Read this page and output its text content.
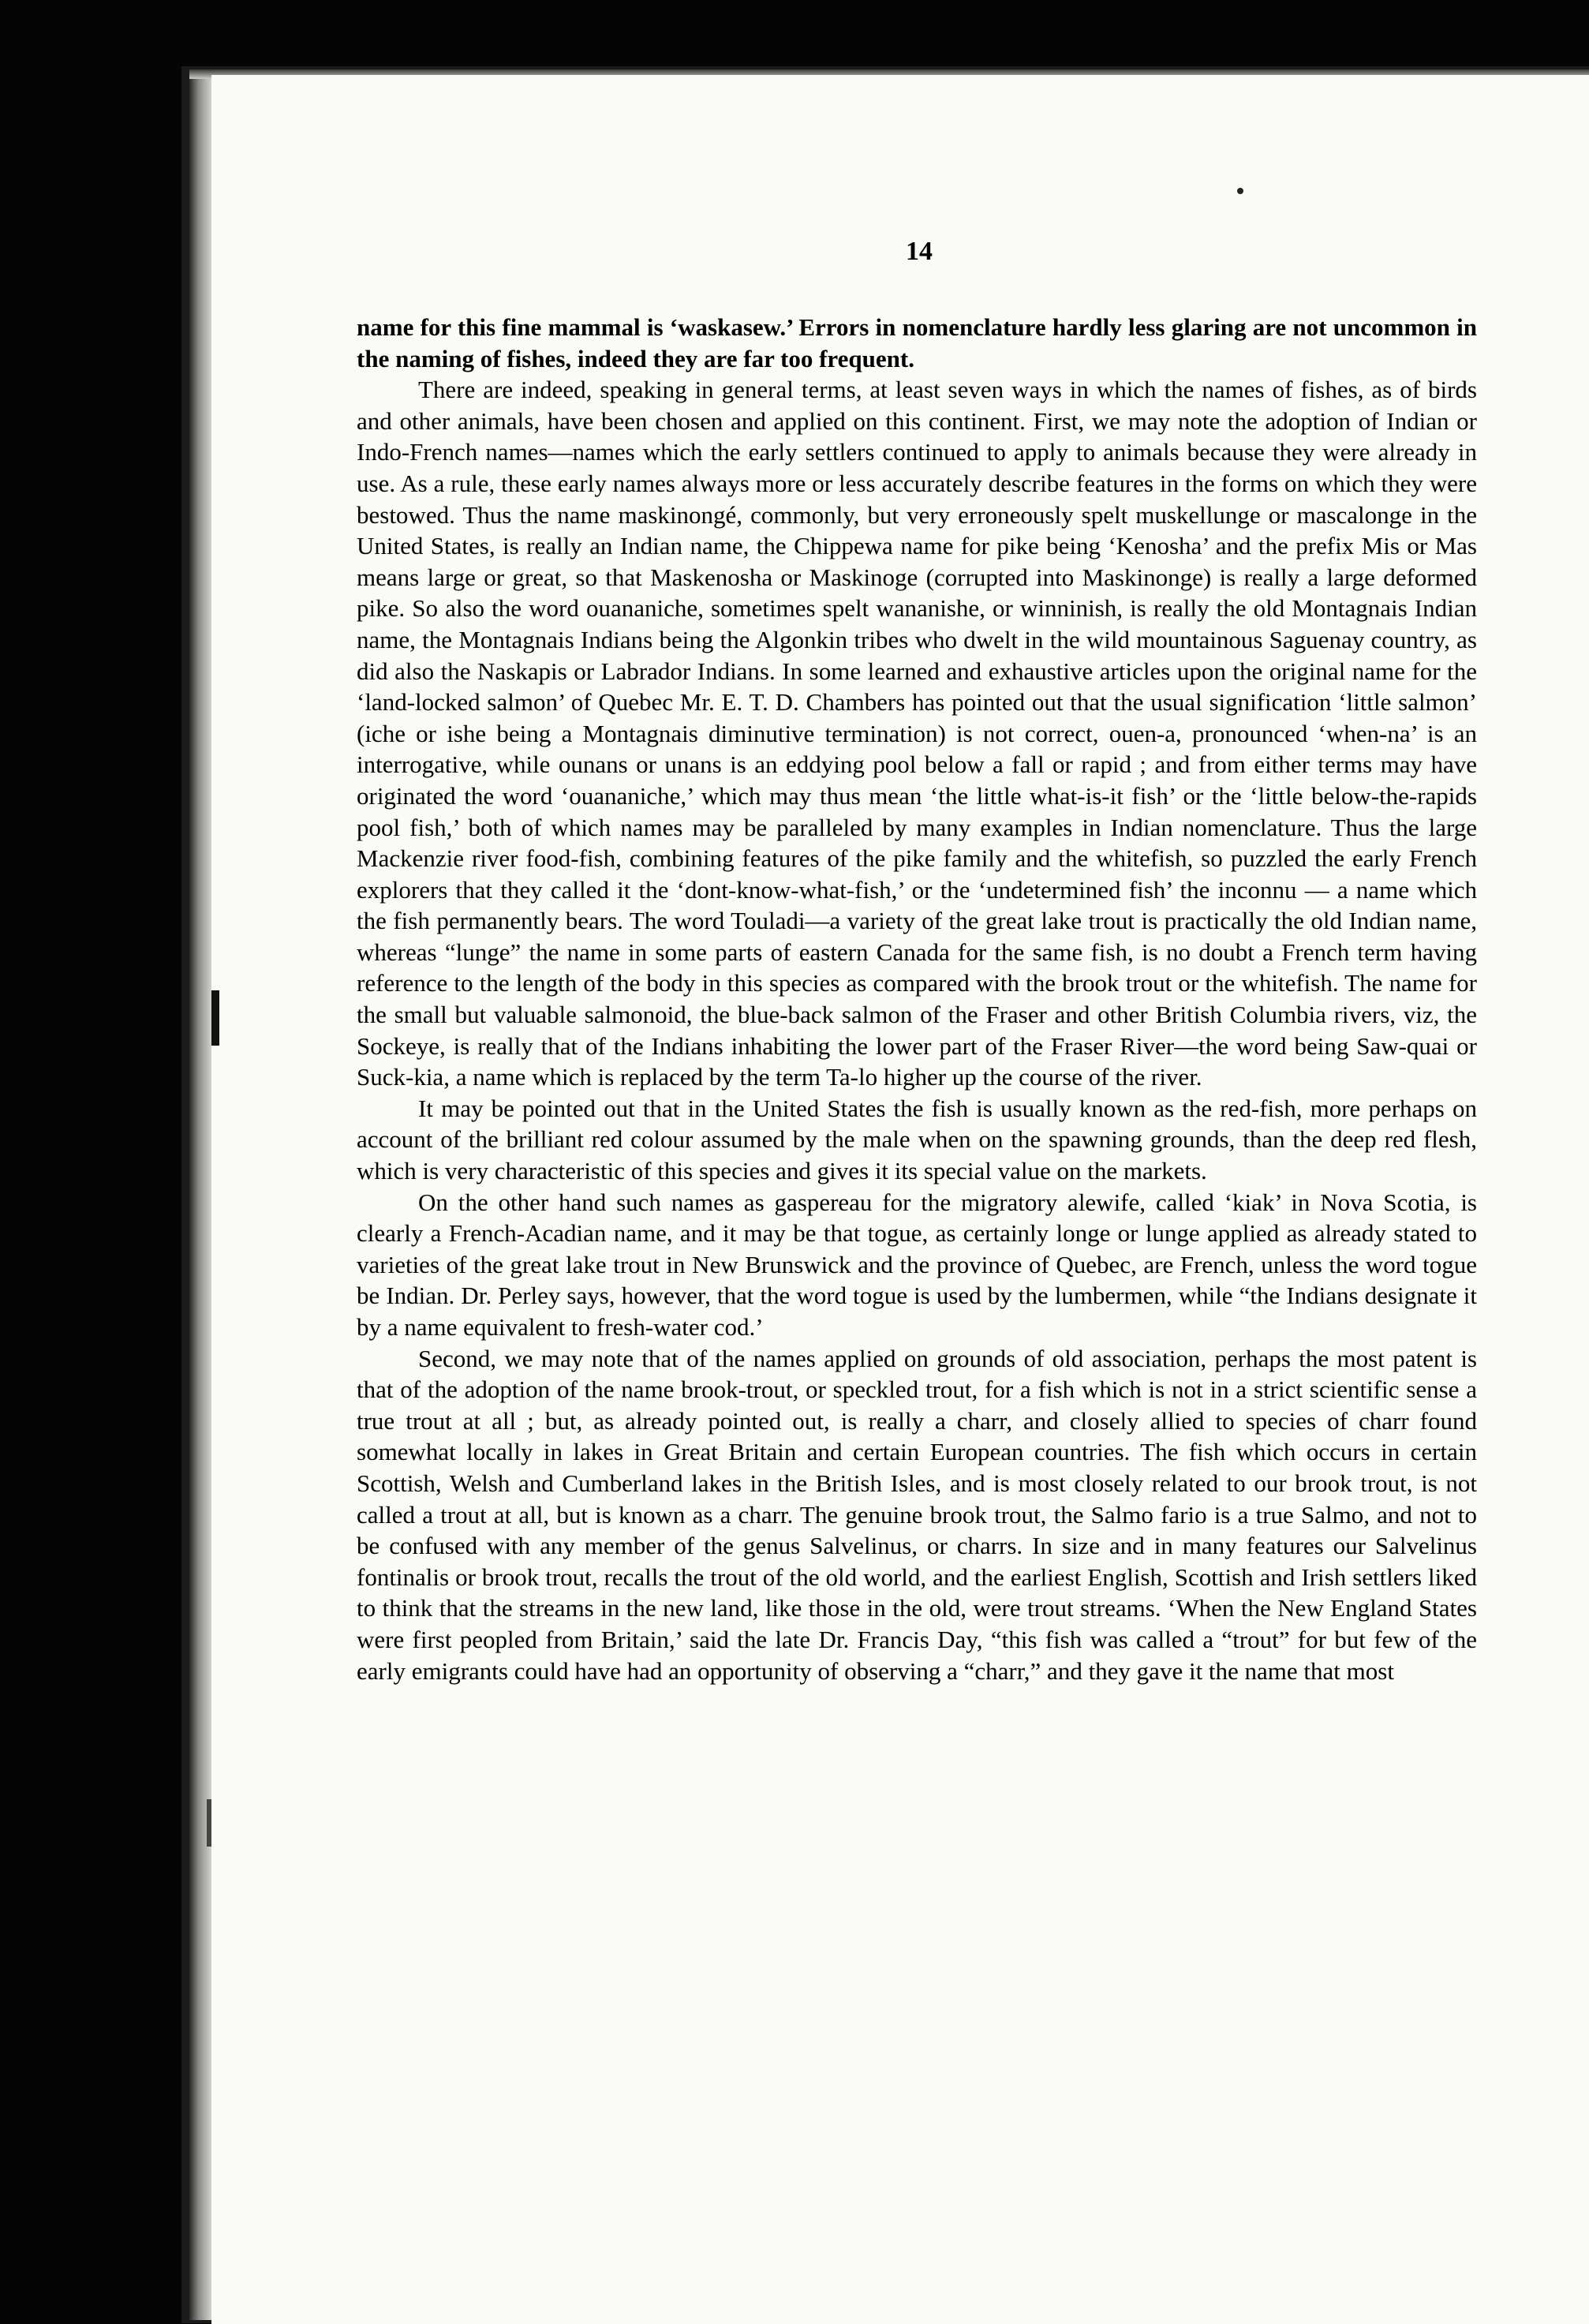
14

name for this fine mammal is ‘waskasew.’ Errors in nomenclature hardly less glaring are not uncommon in the naming of fishes, indeed they are far too frequent.

There are indeed, speaking in general terms, at least seven ways in which the names of fishes, as of birds and other animals, have been chosen and applied on this continent. First, we may note the adoption of Indian or Indo-French names—names which the early settlers continued to apply to animals because they were already in use. As a rule, these early names always more or less accurately describe features in the forms on which they were bestowed. Thus the name maskinongé, commonly, but very erroneously spelt muskellunge or mascalonge in the United States, is really an Indian name, the Chippewa name for pike being ‘Kenosha’ and the prefix Mis or Mas means large or great, so that Maskenosha or Maskinoge (corrupted into Maskinonge) is really a large deformed pike. So also the word ouananiche, sometimes spelt wananishe, or winninish, is really the old Montagnais Indian name, the Montagnais Indians being the Algonkin tribes who dwelt in the wild mountainous Saguenay country, as did also the Naskapis or Labrador Indians. In some learned and exhaustive articles upon the original name for the ‘land-locked salmon’ of Quebec Mr. E. T. D. Chambers has pointed out that the usual signification ‘little salmon’ (iche or ishe being a Montagnais diminutive termination) is not correct, ouen-a, pronounced ‘when-na’ is an interrogative, while ounans or unans is an eddying pool below a fall or rapid ; and from either terms may have originated the word ‘ouananiche,’ which may thus mean ‘the little what-is-it fish’ or the ‘little below-the-rapids pool fish,’ both of which names may be paralleled by many examples in Indian nomenclature. Thus the large Mackenzie river food-fish, combining features of the pike family and the whitefish, so puzzled the early French explorers that they called it the ‘dont-know-what-fish,’ or the ‘undetermined fish’ the inconnu — a name which the fish permanently bears. The word Touladi—a variety of the great lake trout is practically the old Indian name, whereas “lunge” the name in some parts of eastern Canada for the same fish, is no doubt a French term having reference to the length of the body in this species as compared with the brook trout or the whitefish. The name for the small but valuable salmonoid, the blue-back salmon of the Fraser and other British Columbia rivers, viz, the Sockeye, is really that of the Indians inhabiting the lower part of the Fraser River—the word being Saw-quai or Suck-kia, a name which is replaced by the term Ta-lo higher up the course of the river.

It may be pointed out that in the United States the fish is usually known as the red-fish, more perhaps on account of the brilliant red colour assumed by the male when on the spawning grounds, than the deep red flesh, which is very characteristic of this species and gives it its special value on the markets.

On the other hand such names as gaspereau for the migratory alewife, called ‘kiak’ in Nova Scotia, is clearly a French-Acadian name, and it may be that togue, as certainly longe or lunge applied as already stated to varieties of the great lake trout in New Brunswick and the province of Quebec, are French, unless the word togue be Indian. Dr. Perley says, however, that the word togue is used by the lumbermen, while “the Indians designate it by a name equivalent to fresh-water cod.’

Second, we may note that of the names applied on grounds of old association, perhaps the most patent is that of the adoption of the name brook-trout, or speckled trout, for a fish which is not in a strict scientific sense a true trout at all ; but, as already pointed out, is really a charr, and closely allied to species of charr found somewhat locally in lakes in Great Britain and certain European countries. The fish which occurs in certain Scottish, Welsh and Cumberland lakes in the British Isles, and is most closely related to our brook trout, is not called a trout at all, but is known as a charr. The genuine brook trout, the Salmo fario is a true Salmo, and not to be confused with any member of the genus Salvelinus, or charrs. In size and in many features our Salvelinus fontinalis or brook trout, recalls the trout of the old world, and the earliest English, Scottish and Irish settlers liked to think that the streams in the new land, like those in the old, were trout streams. ‘When the New England States were first peopled from Britain,’ said the late Dr. Francis Day, “this fish was called a “trout” for but few of the early emigrants could have had an opportunity of observing a “charr,” and they gave it the name that most
